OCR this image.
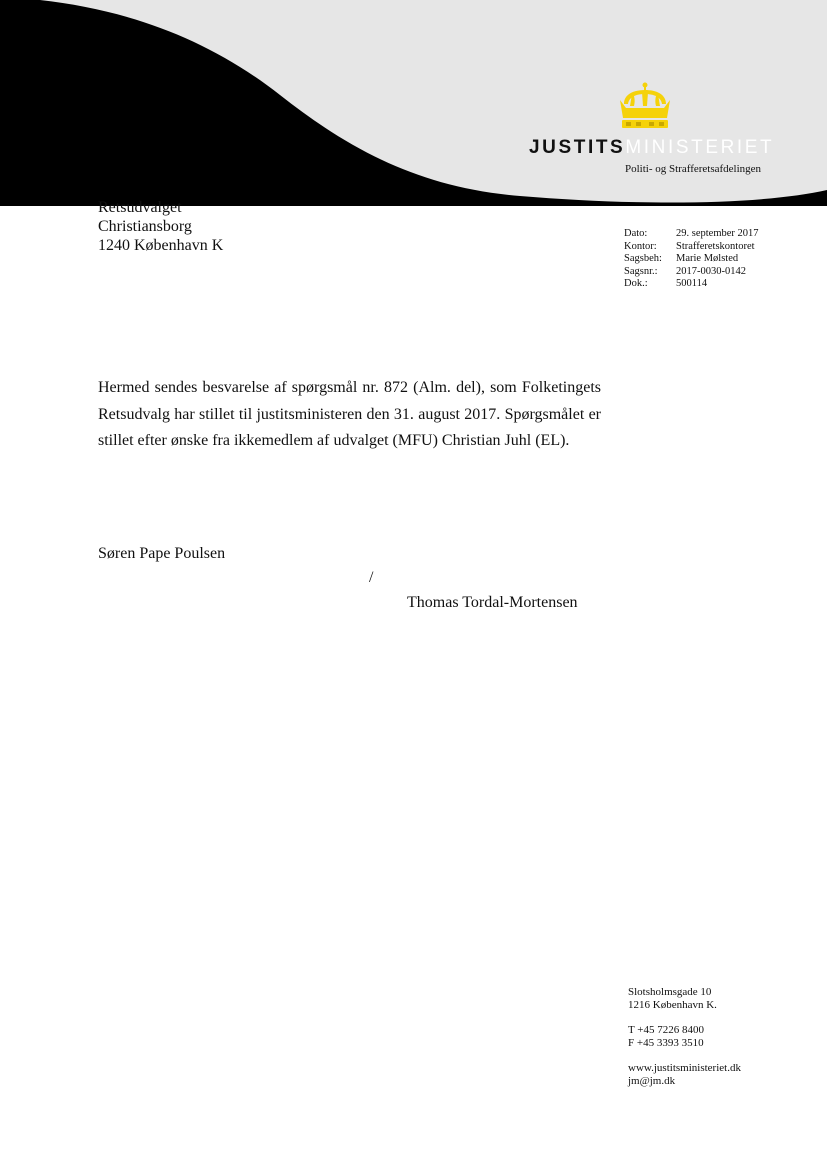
JUSTITSMINISTERIET
Politi- og Strafferetsafdelingen
Retsudvalget
Christiansborg
1240 København K
Dato:	29. september 2017
Kontor:	Strafferetskontoret
Sagsbeh:	Marie Mølsted
Sagsnr.:	2017-0030-0142
Dok.:	500114
Hermed sendes besvarelse af spørgsmål nr. 872 (Alm. del), som Folketingets Retsudvalg har stillet til justitsministeren den 31. august 2017. Spørgsmålet er stillet efter ønske fra ikkemedlem af udvalget (MFU) Christian Juhl (EL).
Søren Pape Poulsen
/
Thomas Tordal-Mortensen
Slotsholmsgade 10
1216 København K.
T +45 7226 8400
F +45 3393 3510
www.justitsministeriet.dk
jm@jm.dk
